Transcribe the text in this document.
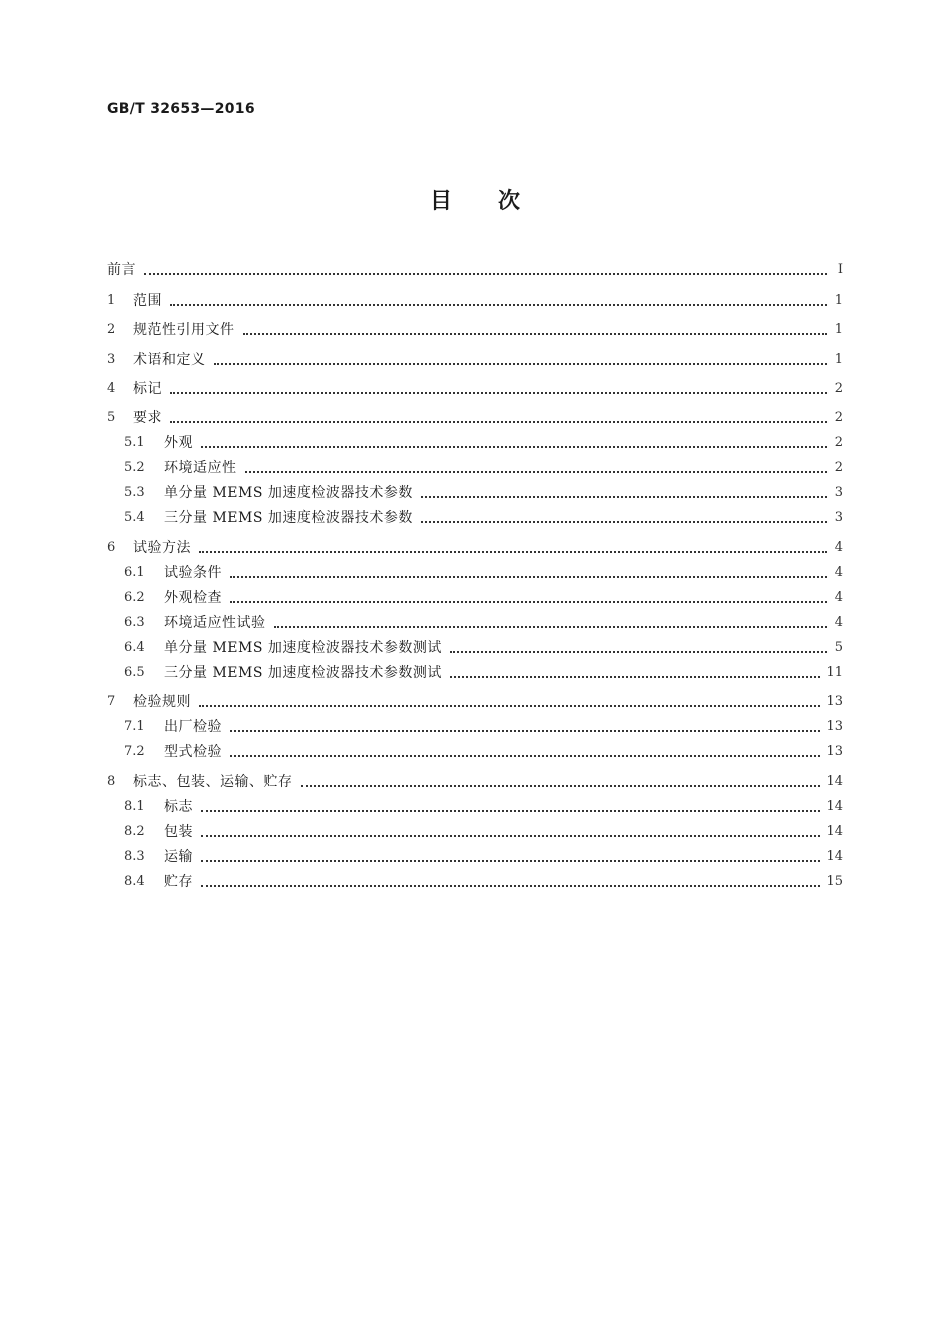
GB/T 32653—2016
目次
前言	Ⅰ
1	范围	1
2	规范性引用文件	1
3	术语和定义	1
4	标记	2
5	要求	2
5.1	外观	2
5.2	环境适应性	2
5.3	单分量 MEMS 加速度检波器技术参数	3
5.4	三分量 MEMS 加速度检波器技术参数	3
6	试验方法	4
6.1	试验条件	4
6.2	外观检查	4
6.3	环境适应性试验	4
6.4	单分量 MEMS 加速度检波器技术参数测试	5
6.5	三分量 MEMS 加速度检波器技术参数测试	11
7	检验规则	13
7.1	出厂检验	13
7.2	型式检验	13
8	标志、包装、运输、贮存	14
8.1	标志	14
8.2	包装	14
8.3	运输	14
8.4	贮存	15
